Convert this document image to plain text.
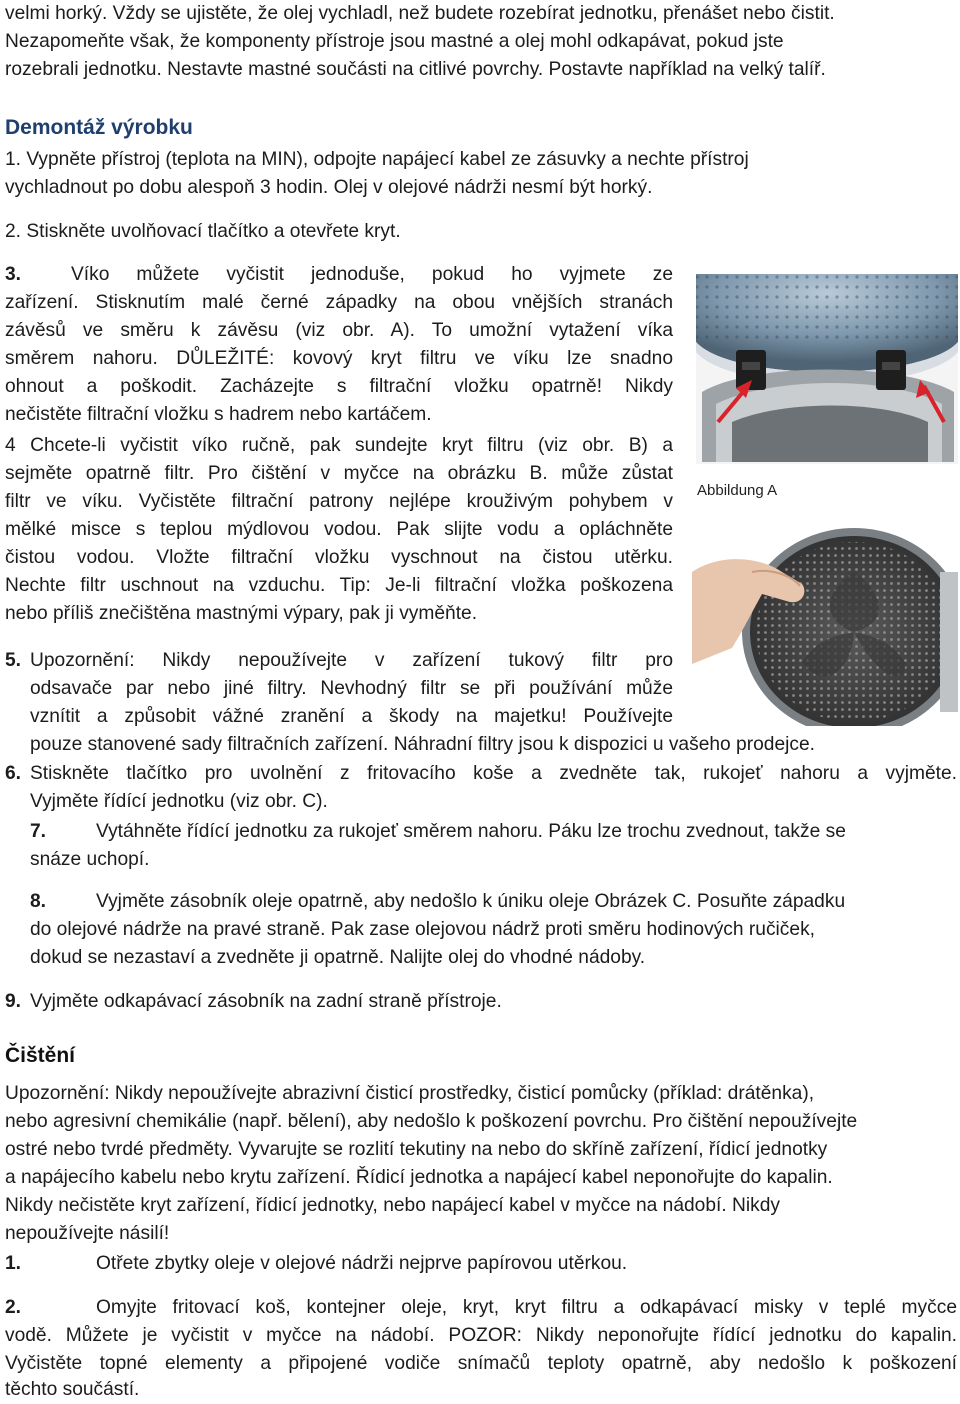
velmi horký. Vždy se ujistěte, že olej vychladl, než budete rozebírat jednotku, přenášet nebo čistit.

Nezapomeňte však, že komponenty přístroje jsou mastné a olej mohl odkapávat, pokud jste

rozebrali jednotku. Nestavte mastné součásti na citlivé povrchy. Postavte například na velký talíř.

Demontáž výrobku

1. Vypněte přístroj (teplota na MIN), odpojte napájecí kabel ze zásuvky a nechte přístroj

vychladnout po dobu alespoň 3 hodin. Olej v olejové nádrži nesmí být horký.

2. Stiskněte uvolňovací tlačítko a otevřete kryt.

3.	Víko můžete vyčistit jednoduše, pokud ho vyjmete ze

zařízení. Stisknutím malé černé západky na obou vnějších stranách

závěsů ve směru k závěsu (viz obr. A). To umožní vytažení víka

směrem nahoru. DŮLEŽITÉ: kovový kryt filtru ve víku lze snadno

ohnout a poškodit. Zacházejte s filtrační vložku opatrně! Nikdy

nečistěte filtrační vložku s hadrem nebo kartáčem.

4 Chcete-li vyčistit víko ručně, pak sundejte kryt filtru (viz obr. B) a

sejměte opatrně filtr. Pro čištění v myčce na obrázku B. může zůstat

filtr ve víku. Vyčistěte filtrační patrony nejlépe krouživým pohybem v

mělké misce s teplou mýdlovou vodou. Pak slijte vodu a opláchněte

čistou vodou. Vložte filtrační vložku vyschnout na čistou utěrku.

Nechte filtr uschnout na vzduchu. Tip: Je-li filtrační vložka poškozena

nebo příliš znečištěna mastnými výpary, pak ji vyměňte.

Abbildung A

5. Upozornění: Nikdy nepoužívejte v zařízení tukový filtr pro

odsavače par nebo jiné filtry. Nevhodný filtr se při používání může

vznítit a způsobit vážné zranění a škody na majetku! Používejte

pouze stanovené sady filtračních zařízení. Náhradní filtry jsou k dispozici u vašeho prodejce.

6. Stiskněte tlačítko pro uvolnění z fritovacího koše a zvedněte tak, rukojeť nahoru a vyjměte.

Vyjměte řídící jednotku (viz obr. C).

7.	Vytáhněte řídící jednotku za rukojeť směrem nahoru. Páku lze trochu zvednout, takže se

snáze uchopí.

8.	Vyjměte zásobník oleje opatrně, aby nedošlo k úniku oleje Obrázek C. Posuňte západku

do olejové nádrže na pravé straně. Pak zase olejovou nádrž proti směru hodinových ručiček,

dokud se nezastaví a zvedněte ji opatrně. Nalijte olej do vhodné nádoby.

9. Vyjměte odkapávací zásobník na zadní straně přístroje.

Čištění

Upozornění: Nikdy nepoužívejte abrazivní čisticí prostředky, čisticí pomůcky (příklad: drátěnka),

nebo agresivní chemikálie (např. bělení), aby nedošlo k poškození povrchu. Pro čištění nepoužívejte

ostré nebo tvrdé předměty. Vyvarujte se rozlití tekutiny na nebo do skříně zařízení, řídicí jednotky

a napájecího kabelu nebo krytu zařízení. Řídicí jednotka a napájecí kabel neponořujte do kapalin.

Nikdy nečistěte kryt zařízení, řídicí jednotky, nebo napájecí kabel v myčce na nádobí. Nikdy

nepoužívejte násilí!

1.	Otřete zbytky oleje v olejové nádrži nejprve papírovou utěrkou.

2.	Omyjte fritovací koš, kontejner oleje, kryt, kryt filtru a odkapávací misky v teplé myčce

vodě. Můžete je vyčistit v myčce na nádobí. POZOR: Nikdy neponořujte řídící jednotku do kapalin.

Vyčistěte topné elementy a připojené vodiče snímačů teploty opatrně, aby nedošlo k poškození

těchto součástí.
